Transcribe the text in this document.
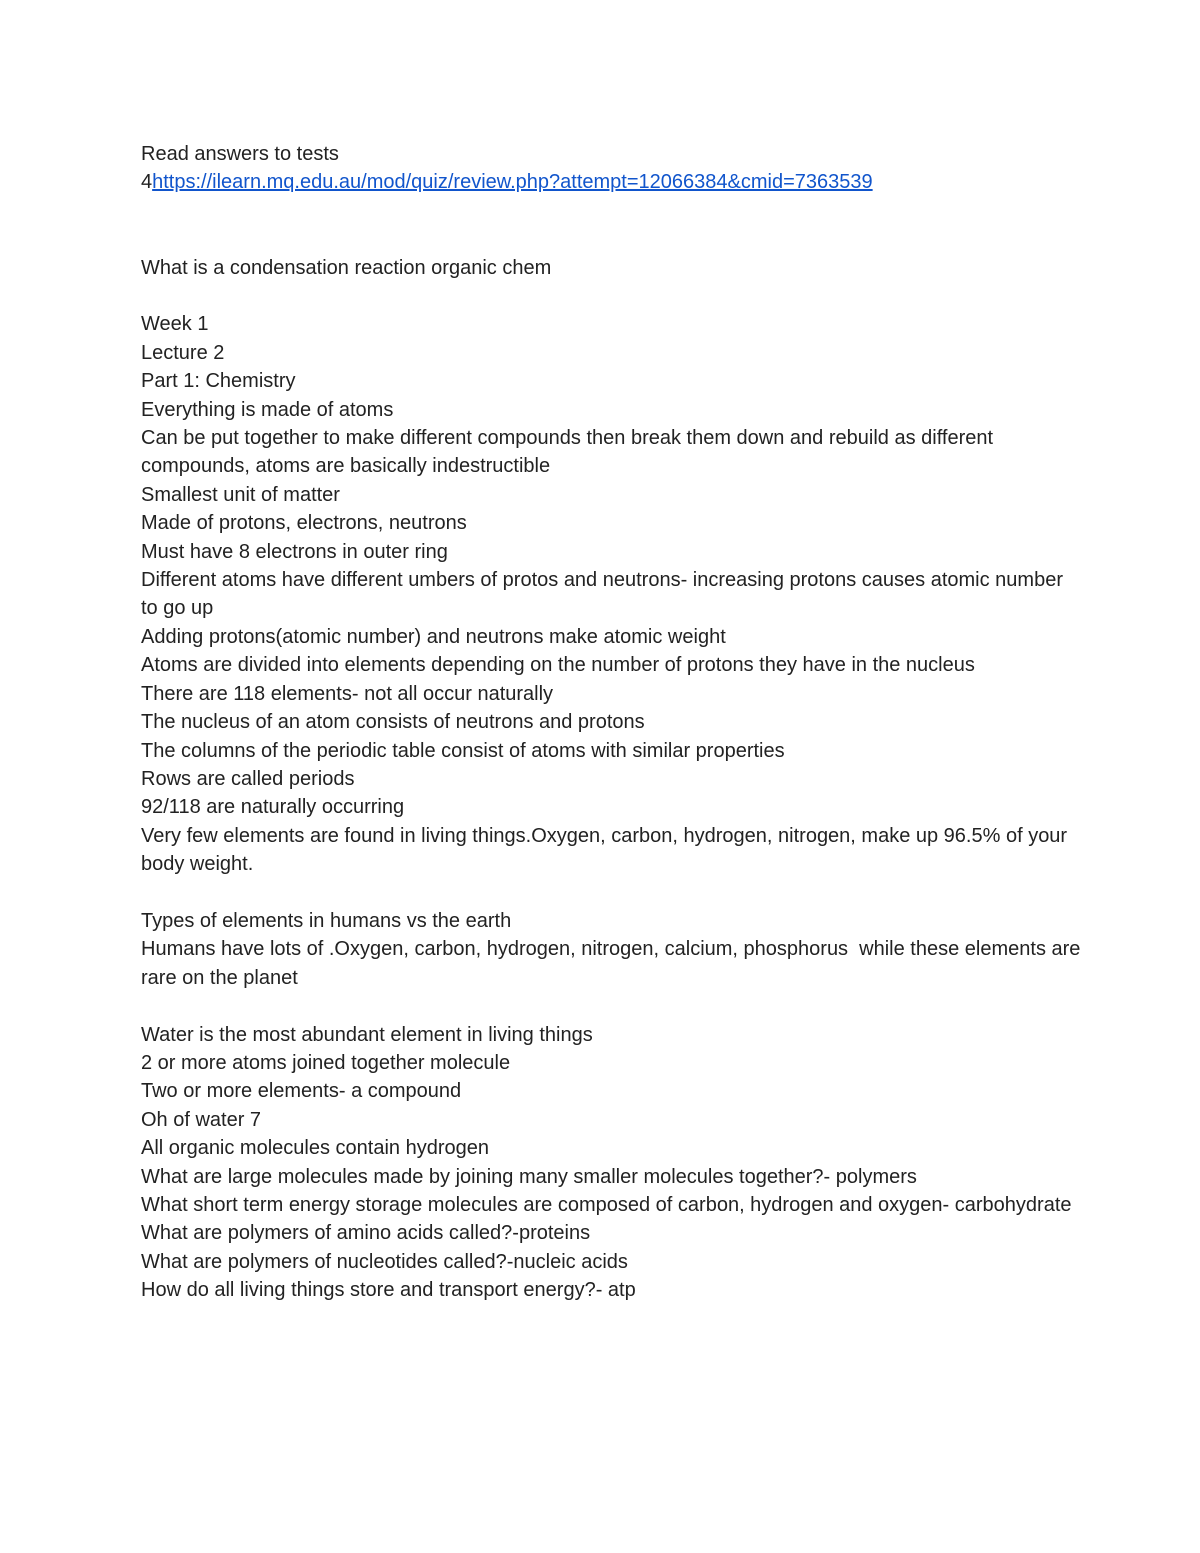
Read answers to tests
4https://ilearn.mq.edu.au/mod/quiz/review.php?attempt=12066384&cmid=7363539
What is a condensation reaction organic chem
Week 1
Lecture 2
Part 1: Chemistry
Everything is made of atoms
Can be put together to make different compounds then break them down and rebuild as different compounds, atoms are basically indestructible
Smallest unit of matter
Made of protons, electrons, neutrons
Must have 8 electrons in outer ring
Different atoms have different umbers of protos and neutrons- increasing protons causes atomic number to go up
Adding protons(atomic number) and neutrons make atomic weight
Atoms are divided into elements depending on the number of protons they have in the nucleus
There are 118 elements- not all occur naturally
The nucleus of an atom consists of neutrons and protons
The columns of the periodic table consist of atoms with similar properties
Rows are called periods
92/118 are naturally occurring
Very few elements are found in living things.Oxygen, carbon, hydrogen, nitrogen, make up 96.5% of your body weight.
Types of elements in humans vs the earth
Humans have lots of .Oxygen, carbon, hydrogen, nitrogen, calcium, phosphorus  while these elements are rare on the planet
Water is the most abundant element in living things
2 or more atoms joined together molecule
Two or more elements- a compound
Oh of water 7
All organic molecules contain hydrogen
What are large molecules made by joining many smaller molecules together?- polymers
What short term energy storage molecules are composed of carbon, hydrogen and oxygen- carbohydrate
What are polymers of amino acids called?-proteins
What are polymers of nucleotides called?-nucleic acids
How do all living things store and transport energy?- atp
